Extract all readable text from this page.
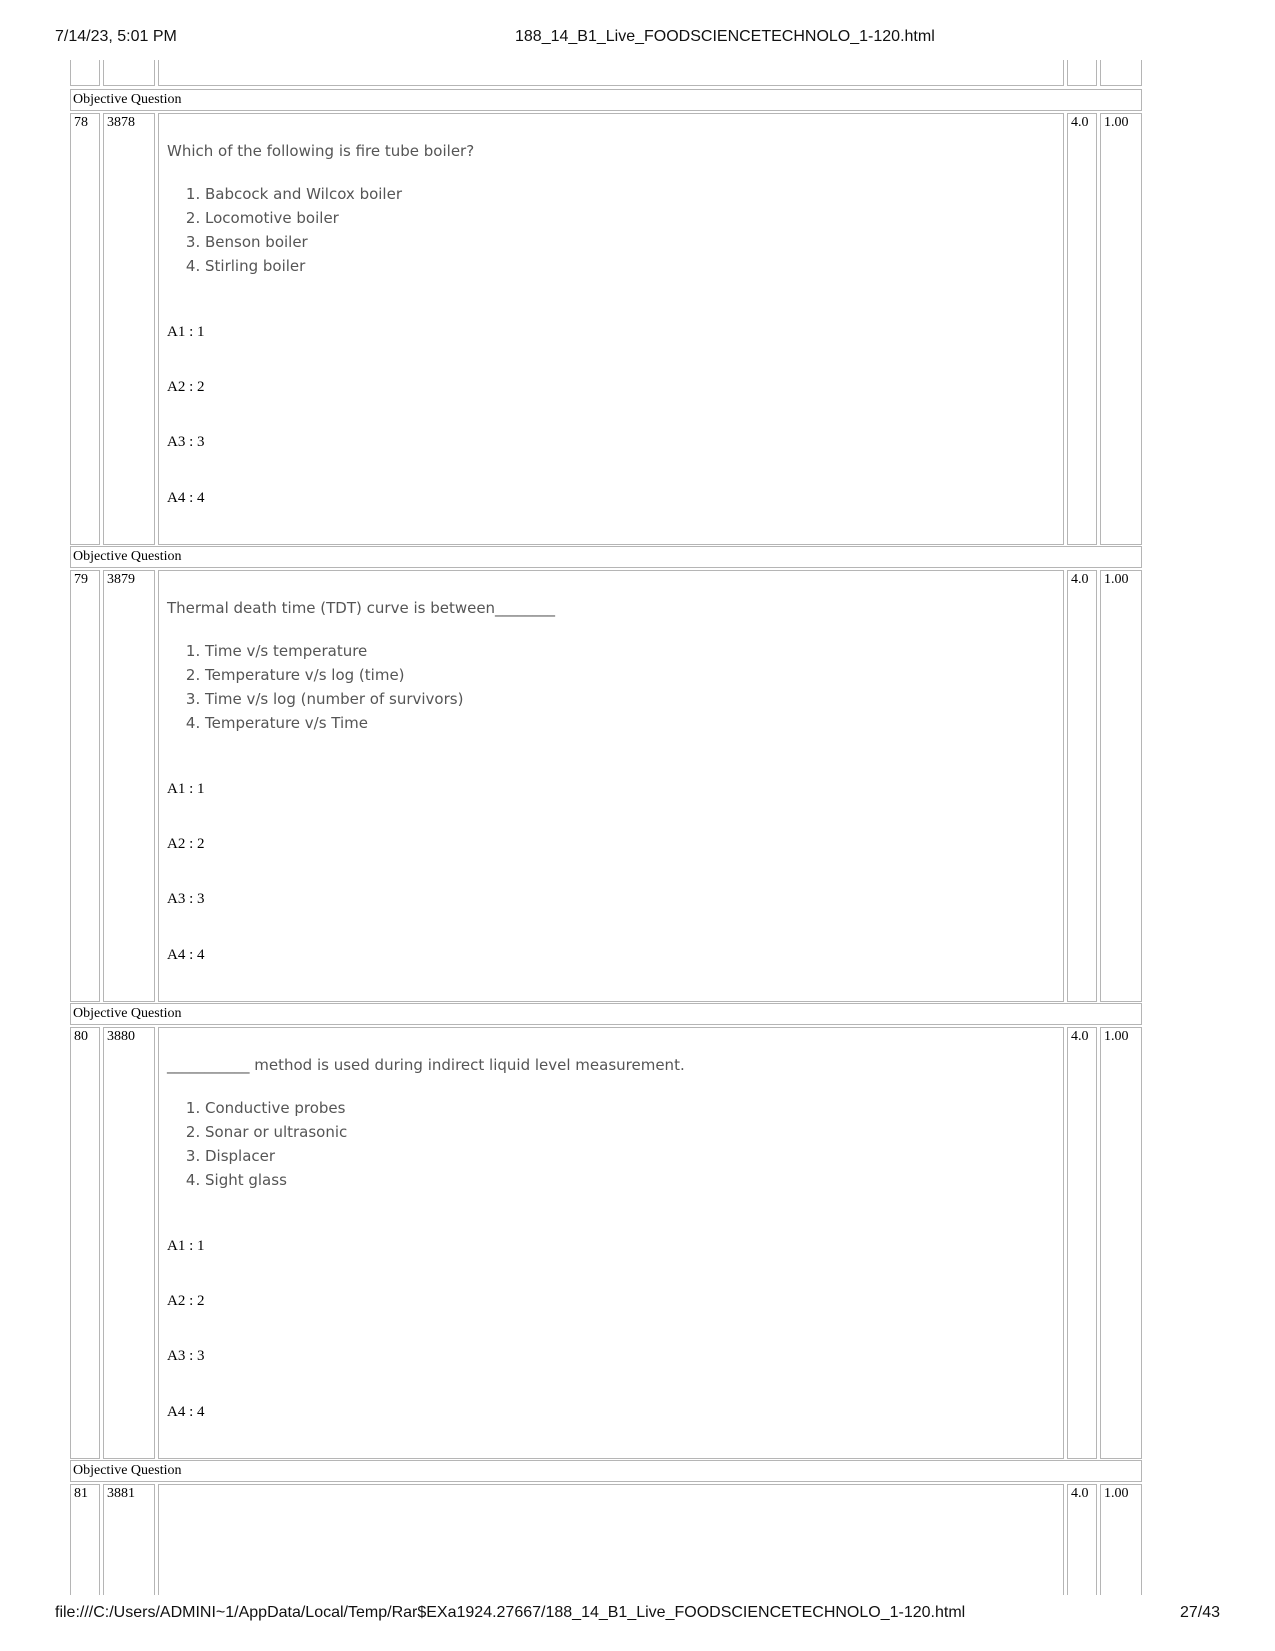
7/14/23, 5:01 PM	188_14_B1_Live_FOODSCIENCETECHNOLO_1-120.html
Objective Question
78	3878
Which of the following is fire tube boiler?
1. Babcock and Wilcox boiler
2. Locomotive boiler
3. Benson boiler
4. Stirling boiler
A1 : 1
A2 : 2
A3 : 3
A4 : 4
4.0	1.00
Objective Question
79	3879
Thermal death time (TDT) curve is between________
1. Time v/s temperature
2. Temperature v/s log (time)
3. Time v/s log (number of survivors)
4. Temperature v/s Time
A1 : 1
A2 : 2
A3 : 3
A4 : 4
4.0	1.00
Objective Question
80	3880
___________ method is used during indirect liquid level measurement.
1. Conductive probes
2. Sonar or ultrasonic
3. Displacer
4. Sight glass
A1 : 1
A2 : 2
A3 : 3
A4 : 4
4.0	1.00
Objective Question
81	3881	4.0	1.00
file:///C:/Users/ADMINI~1/AppData/Local/Temp/Rar$EXa1924.27667/188_14_B1_Live_FOODSCIENCETECHNOLO_1-120.html	27/43
